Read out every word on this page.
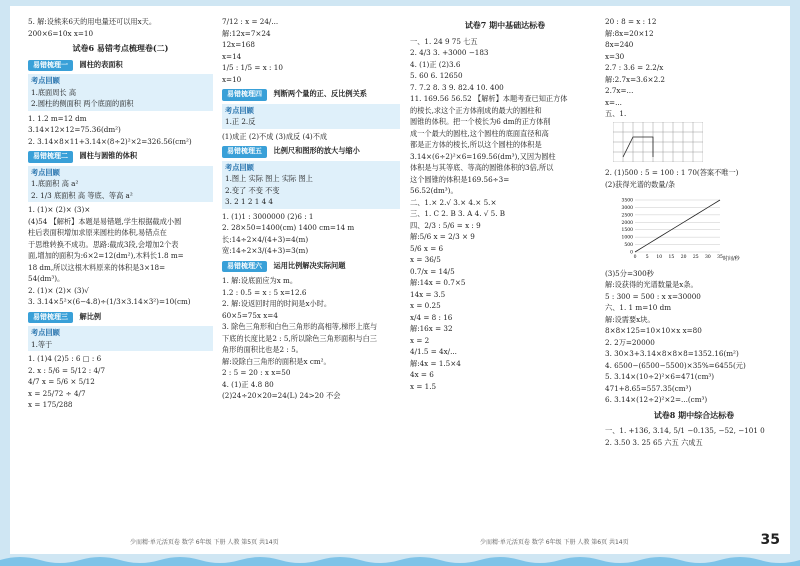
5. 解:设熊来6天的用电量还可以用x天。
200×6=10x x=10
试卷6 易错考点梳理卷(二)
易错梳理一 圆柱的表面积
考点回顾
1.底面周长 高
2.圆柱的侧面积 两个底面的面积
1. 1.2 m=12 dm
3.14×12×12=75.36(dm²)
2. 3.14×8×11+3.14×(8÷2)²×2=326.56(cm²)
易错梳理二 圆柱与圆锥的体积
考点回顾
1.底面积 高 a²
2. 1/3 底面积 高 等底、等高 a²
1. (1)× (2)× (3)×
(4)54 【解析】本题是易错题,学生根据截成小圆
柱后表面积增加求原来圆柱的体积,易错点在
于思维转换不成功。思路:截成3段,会增加2个表
面,增加的面积为:6×2=12(dm²),木料长1.8 m=
18 dm,所以这根木料原来的体积是3×18=
54(dm³)。
2. (1)× (2)× (3)√
3. 3.14×5²×(6−4.8)÷(1/3×3.14×3²)=10(cm)
易错梳理三 解比例
考点回顾
1.等于
1. (1)4 (2)5 : 6 □ : 6
2. x : 5/6 = 5/12 : 4/7
4/7 x = 5/6 × 5/12
x = 25/72 ÷ 4/7
x = 175/288
7/12 : x = 24/...
解:12x=7×24
12x=168
x=14
1/5 : 1/5 = x : 10
x=10
易错梳理四 判断两个量的正、反比例关系
考点回顾
1.正 2.反
(1)成正 (2)不成 (3)成反 (4)不成
易错梳理五 比例尺和图形的放大与缩小
考点回顾
1.图上 实际 图上 实际 图上
2.变了 不变 不变
3. 2 1 2 1 4 4
1. (1)1 : 3000000 (2)6 : 1
2. 28×50=1400(cm) 1400 cm=14 m
长:14÷2×4/(4+3)=4(m)
宽:14÷2×3/(4+3)=3(m)
易错梳理六 运用比例解决实际问题
1. 解:设底面应为x m。
1.2 : 0.5 = x : 5 x=12.6
2. 解:设返回时用的时间是x小时。
60×5=75x x=4
3. 除色三角形和白色三角形的高相等,梯形上底与
下底的长度比是2 : 5,所以除色三角形面积与白三
角形的面积比也是2 : 5。
解:设除白三角形的面积是x cm²。
2 : 5 = 20 : x x=50
4. (1)正 4.8 80
(2)24÷20×20=24(L) 24>20 不会
试卷7 期中基础达标卷
一、1. 24 9 75 七五
2. 4/3 3. +3000 −183
4. (1)正 (2)3.6
5. 60 6. 12650
7. 7.2 8. 3 9. 82.4 10. 400
11. 169.56 56.52 【解析】本题考查已知正方体
的棱长,求这个正方体削成的最大的圆柱和
圆锥的体积。把一个棱长为6 dm的正方体削
成一个最大的圆柱,这个圆柱的底面直径和高
都是正方体的棱长,所以这个圆柱的体积是
3.14×(6÷2)²×6=169.56(dm³),又因为圆柱
体积是与其等底、等高的圆锥体积的3倍,所以
这个圆锥的体积是169.56÷3=
56.52(dm³)。
二、1.× 2.√ 3.× 4.× 5.×
三、1. C 2. B 3. A 4. √ 5. B
四、2/3 : 5/6 = x : 9
解:5/6 x = 2/3 × 9
5/6 x = 6
x = 36/5
0.7/x = 14/5
解:14x = 0.7×5
14x = 3.5
x = 0.25
x/4 = 8 : 16
解:16x = 32
x = 2
4/1.5 = 4x/...
解:4x = 1.5×4
4x = 6
x = 1.5
20 : 8 = x : 12
解:8x=20×12
8x=240
x=30
2.7 : 3.6 = 2.2/x
解:2.7x=3.6×2.2
2.7x=...
x=...
五、1.
2. (1)500 : 5 = 100 : 1 70(答案不唯一)
(2)获得光谱的数量/条
时间/秒
0
500
1000
1500
2000
2500
3000
3500
0 5 10 15 20 25 30 35
(3)5分=300秒
解:设获得的光谱数量是x条。
5 : 300 = 500 : x x=30000
六、1. 1 m=10 dm
解:设需要x块。
8×8×125=10×10×x x=80
2. 2万=20000
3. 30×3+3.14×8×8×8=1352.16(m²)
4. 6500−(6500−5500)×35%=6455(元)
5. 3.14×(10÷2)²×6=471(cm³)
471+8.65=557.35(cm³)
6. 3.14×(12÷2)²×2=...(cm³)
试卷8 期中综合达标卷
一、1. +136, 3.14, 5/1 −0.135, −52, −101 0
2. 3.50 3. 25 65 六五 六成五
少而精·单元活页卷 数学 6年级 下册 人教 第5页 共14页	少而精·单元活页卷 数学 6年级 下册 人教 第6页 共14页	35
